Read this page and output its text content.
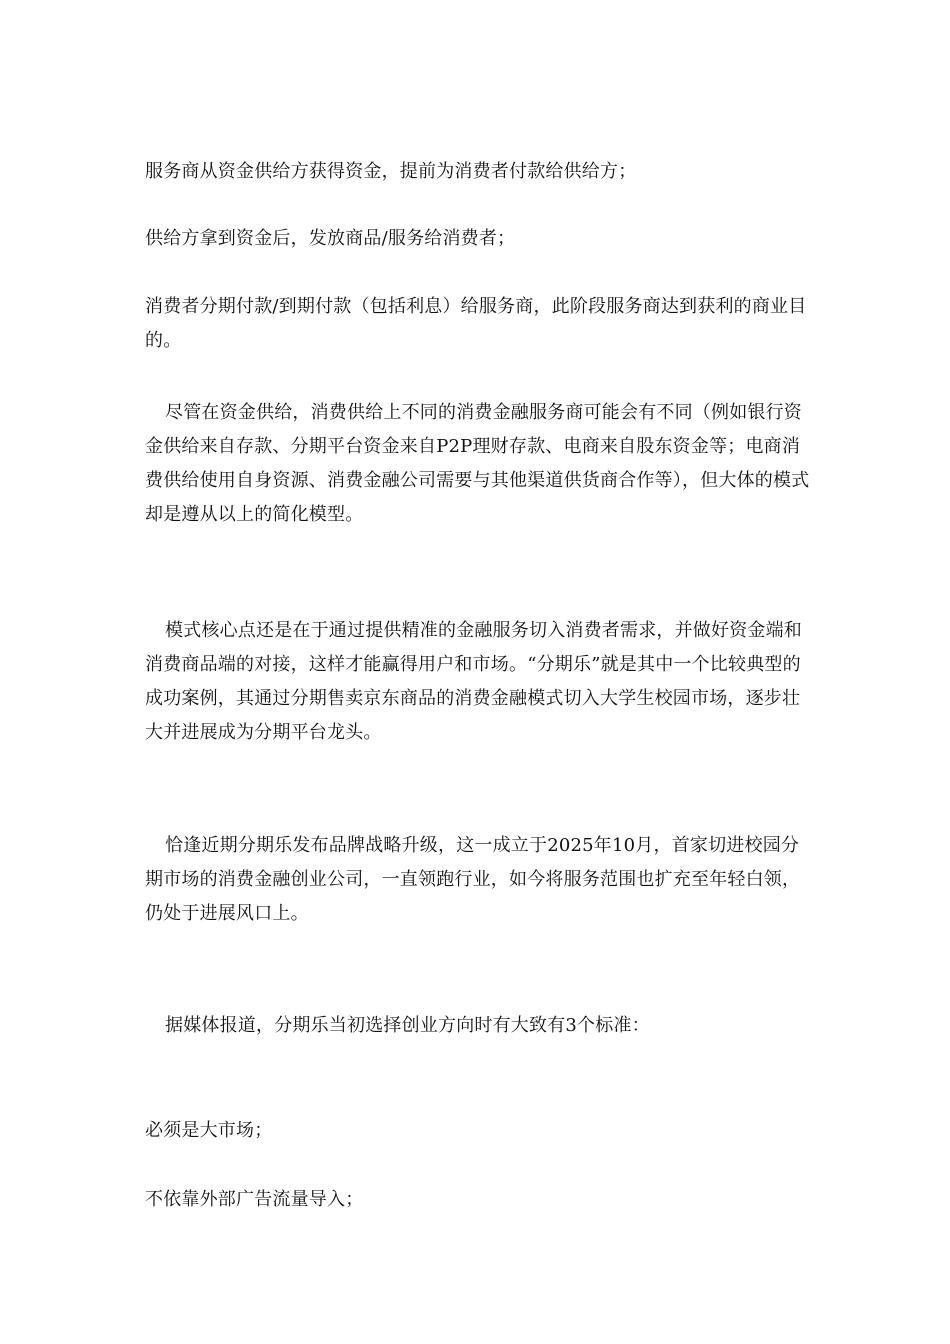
服务商从资金供给方获得资金，提前为消费者付款给供给方；

供给方拿到资金后，发放商品/服务给消费者；

消费者分期付款/到期付款（包括利息）给服务商，此阶段服务商达到获利的商业目的。

尽管在资金供给，消费供给上不同的消费金融服务商可能会有不同（例如银行资金供给来自存款、分期平台资金来自P2P理财存款、电商来自股东资金等；电商消费供给使用自身资源、消费金融公司需要与其他渠道供货商合作等），但大体的模式却是遵从以上的简化模型。

模式核心点还是在于通过提供精准的金融服务切入消费者需求，并做好资金端和消费商品端的对接，这样才能赢得用户和市场。“分期乐”就是其中一个比较典型的成功案例，其通过分期售卖京东商品的消费金融模式切入大学生校园市场，逐步壮大并进展成为分期平台龙头。

恰逢近期分期乐发布品牌战略升级，这一成立于2025年10月，首家切进校园分期市场的消费金融创业公司，一直领跑行业，如今将服务范围也扩充至年轻白领，仍处于进展风口上。

据媒体报道，分期乐当初选择创业方向时有大致有3个标准：

必须是大市场；

不依靠外部广告流量导入；
